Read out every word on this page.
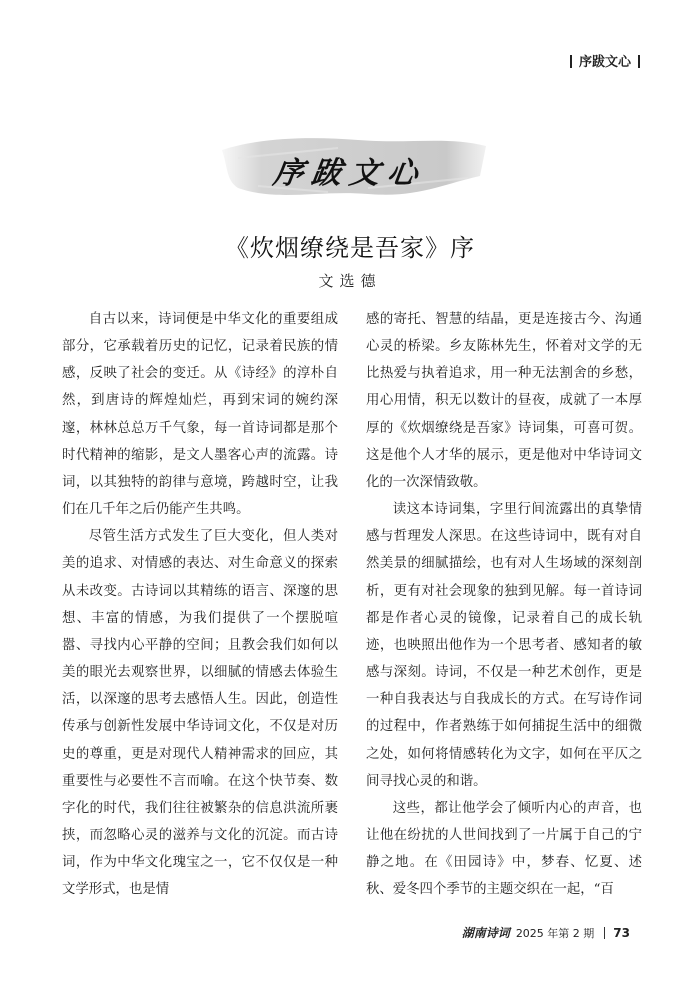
序跋文心
序跋文心
《炊烟缭绕是吾家》序
文选德

自古以来，诗词便是中华文化的重要组成部分，它承载着历史的记忆，记录着民族的情感，反映了社会的变迁。从《诗经》的淳朴自然，到唐诗的辉煌灿烂，再到宋词的婉约深邃，林林总总万千气象，每一首诗词都是那个时代精神的缩影，是文人墨客心声的流露。诗词，以其独特的韵律与意境，跨越时空，让我们在几千年之后仍能产生共鸣。

尽管生活方式发生了巨大变化，但人类对美的追求、对情感的表达、对生命意义的探索从未改变。古诗词以其精练的语言、深邃的思想、丰富的情感，为我们提供了一个摆脱喧嚣、寻找内心平静的空间；且教会我们如何以美的眼光去观察世界，以细腻的情感去体验生活，以深邃的思考去感悟人生。因此，创造性传承与创新性发展中华诗词文化，不仅是对历史的尊重，更是对现代人精神需求的回应，其重要性与必要性不言而喻。在这个快节奏、数字化的时代，我们往往被繁杂的信息洪流所裹挟，而忽略心灵的滋养与文化的沉淀。而古诗词，作为中华文化瑰宝之一，它不仅仅是一种文学形式，也是情

感的寄托、智慧的结晶，更是连接古今、沟通心灵的桥梁。乡友陈林先生，怀着对文学的无比热爱与执着追求，用一种无法割舍的乡愁，用心用情，积无以数计的昼夜，成就了一本厚厚的《炊烟缭绕是吾家》诗词集，可喜可贺。这是他个人才华的展示，更是他对中华诗词文化的一次深情致敬。

读这本诗词集，字里行间流露出的真挚情感与哲理发人深思。在这些诗词中，既有对自然美景的细腻描绘，也有对人生场域的深刻剖析，更有对社会现象的独到见解。每一首诗词都是作者心灵的镜像，记录着自己的成长轨迹，也映照出他作为一个思考者、感知者的敏感与深刻。诗词，不仅是一种艺术创作，更是一种自我表达与自我成长的方式。在写诗作词的过程中，作者熟练于如何捕捉生活中的细微之处，如何将情感转化为文字，如何在平仄之间寻找心灵的和谐。

这些，都让他学会了倾听内心的声音，也让他在纷扰的人世间找到了一片属于自己的宁静之地。在《田园诗》中，梦春、忆夏、述秋、爱冬四个季节的主题交织在一起，“百

湖南诗词 2025 年第 2 期 73
